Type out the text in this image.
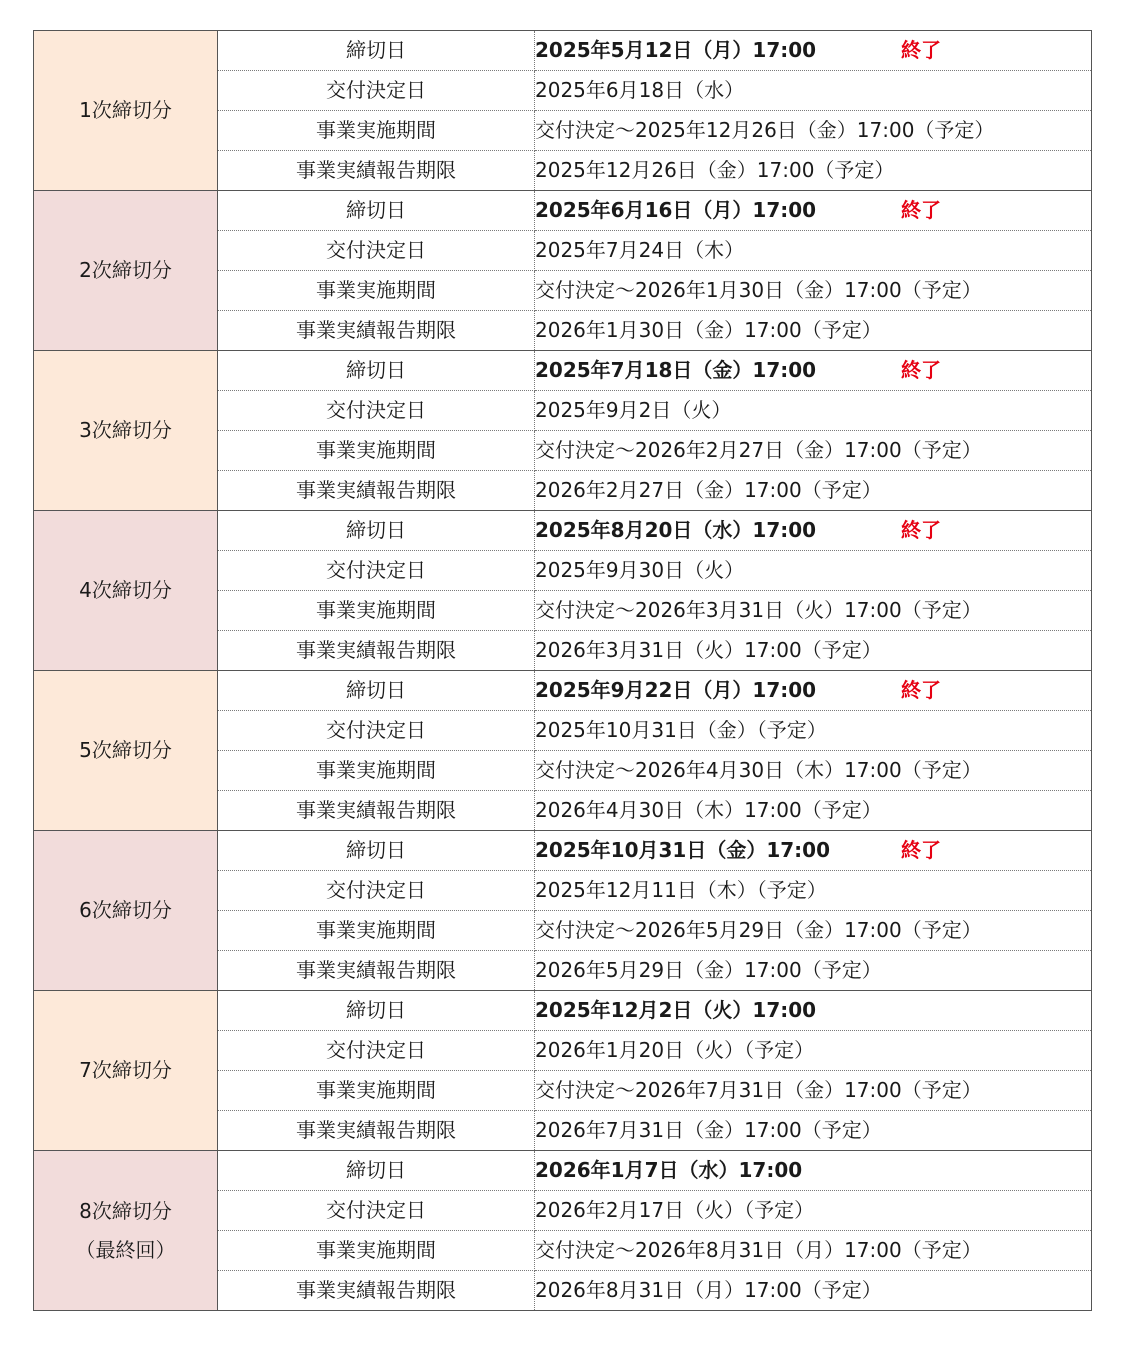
1次締切分	締切日	2025年5月12日（月）17:00 終了
	交付決定日	2025年6月18日（水）
	事業実施期間	交付決定～2025年12月26日（金）17:00（予定）
	事業実績報告期限	2025年12月26日（金）17:00（予定）
2次締切分	締切日	2025年6月16日（月）17:00 終了
	交付決定日	2025年7月24日（木）
	事業実施期間	交付決定～2026年1月30日（金）17:00（予定）
	事業実績報告期限	2026年1月30日（金）17:00（予定）
3次締切分	締切日	2025年7月18日（金）17:00 終了
	交付決定日	2025年9月2日（火）
	事業実施期間	交付決定～2026年2月27日（金）17:00（予定）
	事業実績報告期限	2026年2月27日（金）17:00（予定）
4次締切分	締切日	2025年8月20日（水）17:00 終了
	交付決定日	2025年9月30日（火）
	事業実施期間	交付決定～2026年3月31日（火）17:00（予定）
	事業実績報告期限	2026年3月31日（火）17:00（予定）
5次締切分	締切日	2025年9月22日（月）17:00 終了
	交付決定日	2025年10月31日（金）（予定）
	事業実施期間	交付決定～2026年4月30日（木）17:00（予定）
	事業実績報告期限	2026年4月30日（木）17:00（予定）
6次締切分	締切日	2025年10月31日（金）17:00 終了
	交付決定日	2025年12月11日（木）（予定）
	事業実施期間	交付決定～2026年5月29日（金）17:00（予定）
	事業実績報告期限	2026年5月29日（金）17:00（予定）
7次締切分	締切日	2025年12月2日（火）17:00
	交付決定日	2026年1月20日（火）（予定）
	事業実施期間	交付決定～2026年7月31日（金）17:00（予定）
	事業実績報告期限	2026年7月31日（金）17:00（予定）
8次締切分
（最終回）	締切日	2026年1月7日（水）17:00
	交付決定日	2026年2月17日（火）（予定）
	事業実施期間	交付決定～2026年8月31日（月）17:00（予定）
	事業実績報告期限	2026年8月31日（月）17:00（予定）
